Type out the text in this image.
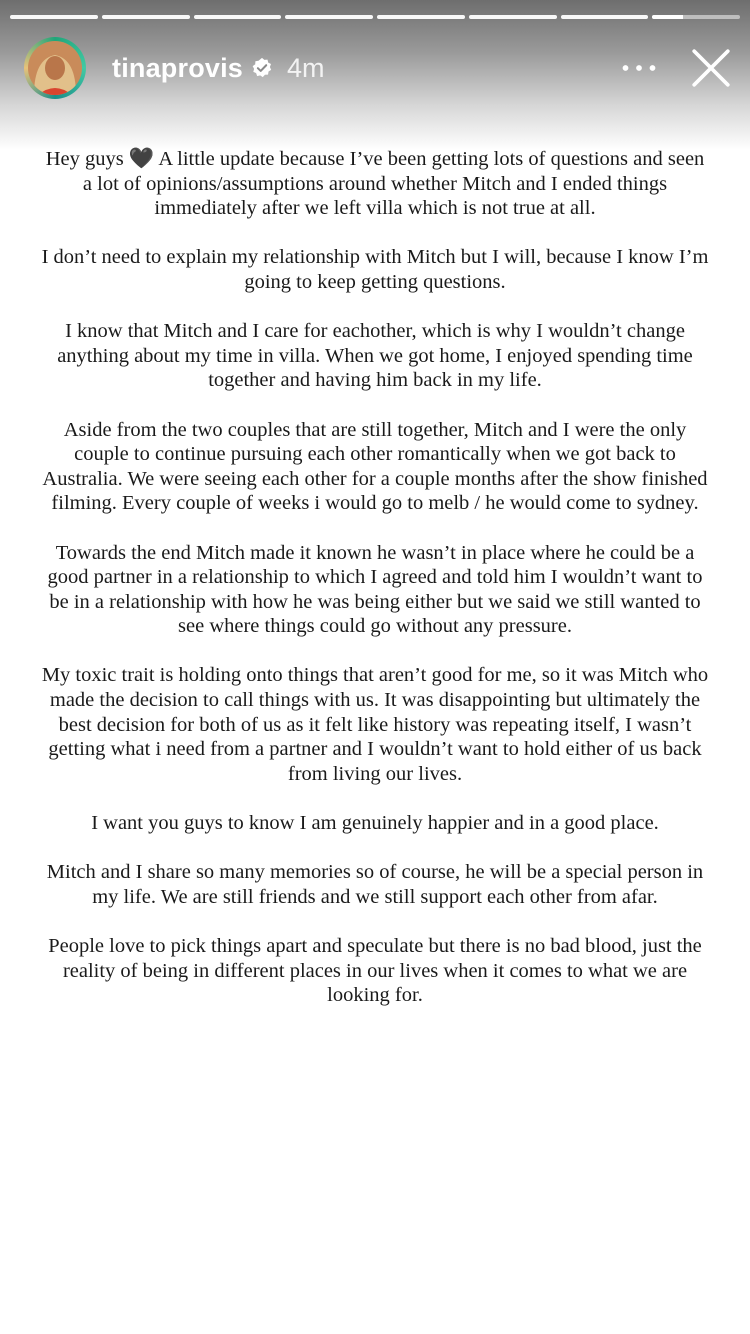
tinaprovis 4m

Hey guys 🖤 A little update because I’ve been getting lots of questions and seen a lot of opinions/assumptions around whether Mitch and I ended things immediately after we left villa which is not true at all.

I don’t need to explain my relationship with Mitch but I will, because I know I’m going to keep getting questions.

I know that Mitch and I care for eachother, which is why I wouldn’t change anything about my time in villa. When we got home, I enjoyed spending time together and having him back in my life.

Aside from the two couples that are still together, Mitch and I were the only couple to continue pursuing each other romantically when we got back to Australia. We were seeing each other for a couple months after the show finished filming. Every couple of weeks i would go to melb / he would come to sydney.

Towards the end Mitch made it known he wasn’t in place where he could be a good partner in a relationship to which I agreed and told him I wouldn’t want to be in a relationship with how he was being either but we said we still wanted to see where things could go without any pressure.

My toxic trait is holding onto things that aren’t good for me, so it was Mitch who made the decision to call things with us. It was disappointing but ultimately the best decision for both of us as it felt like history was repeating itself, I wasn’t getting what i need from a partner and I wouldn’t want to hold either of us back from living our lives.

I want you guys to know I am genuinely happier and in a good place.

Mitch and I share so many memories so of course, he will be a special person in my life. We are still friends and we still support each other from afar.

People love to pick things apart and speculate but there is no bad blood, just the reality of being in different places in our lives when it comes to what we are looking for.
